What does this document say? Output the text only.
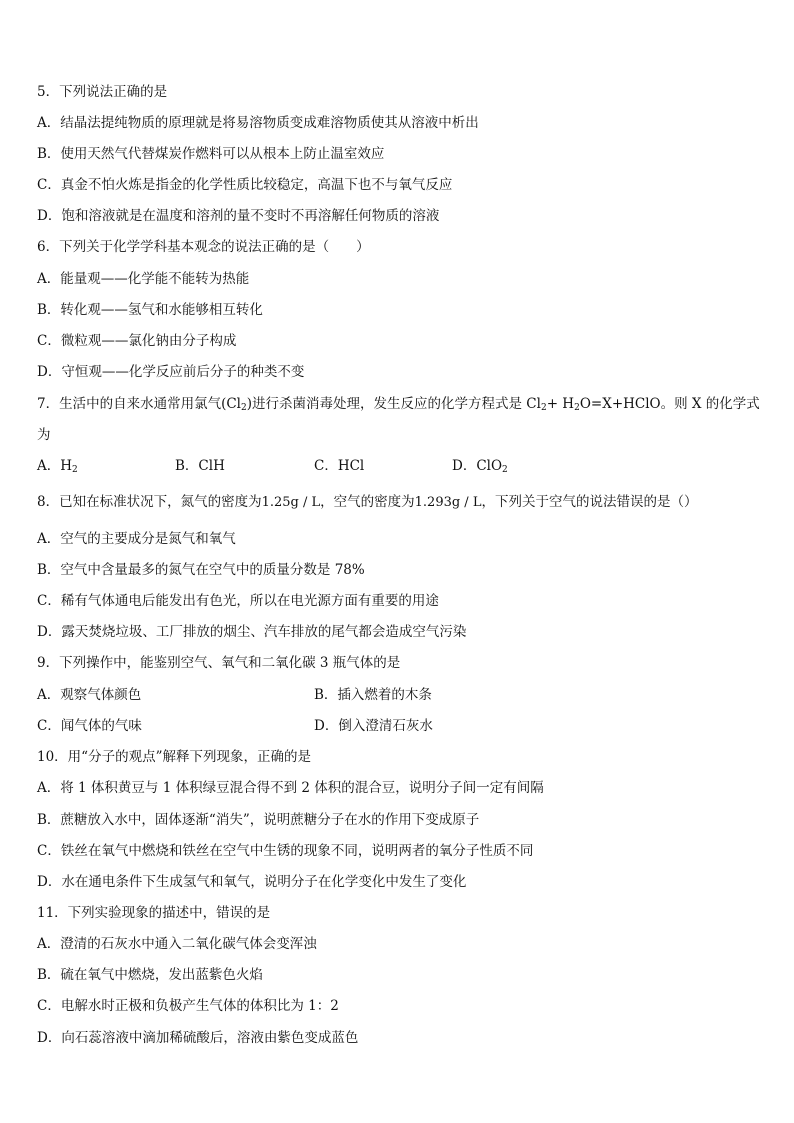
5．下列说法正确的是
A．结晶法提纯物质的原理就是将易溶物质变成难溶物质使其从溶液中析出
B．使用天然气代替煤炭作燃料可以从根本上防止温室效应
C．真金不怕火炼是指金的化学性质比较稳定，高温下也不与氧气反应
D．饱和溶液就是在温度和溶剂的量不变时不再溶解任何物质的溶液
6．下列关于化学学科基本观念的说法正确的是（　　）
A．能量观——化学能不能转为热能
B．转化观——氢气和水能够相互转化
C．微粒观——氯化钠由分子构成
D．守恒观——化学反应前后分子的种类不变
7．生活中的自来水通常用氯气$(Cl_2)$进行杀菌消毒处理，发生反应的化学方程式是 $Cl_2+$ $H_2O=X+HClO$。则 X 的化学式
为
A．$H_2$	B．ClH	C．HCl	D．ClO$_2$
8．已知在标准状况下，氮气的密度为1.25g / L，空气的密度为1.293g / L，下列关于空气的说法错误的是（）
A．空气的主要成分是氮气和氧气
B．空气中含量最多的氮气在空气中的质量分数是 78%
C．稀有气体通电后能发出有色光，所以在电光源方面有重要的用途
D．露天焚烧垃圾、工厂排放的烟尘、汽车排放的尾气都会造成空气污染
9．下列操作中，能鉴别空气、氧气和二氧化碳 3 瓶气体的是
A．观察气体颜色	B．插入燃着的木条
C．闻气体的气味	D．倒入澄清石灰水
10．用“分子的观点”解释下列现象，正确的是
A．将 1 体积黄豆与 1 体积绿豆混合得不到 2 体积的混合豆，说明分子间一定有间隔
B．蔗糖放入水中，固体逐渐“消失”，说明蔗糖分子在水的作用下变成原子
C．铁丝在氧气中燃烧和铁丝在空气中生锈的现象不同，说明两者的氧分子性质不同
D．水在通电条件下生成氢气和氧气，说明分子在化学变化中发生了变化
11．下列实验现象的描述中，错误的是
A．澄清的石灰水中通入二氧化碳气体会变浑浊
B．硫在氧气中燃烧，发出蓝紫色火焰
C．电解水时正极和负极产生气体的体积比为 1：2
D．向石蕊溶液中滴加稀硫酸后，溶液由紫色变成蓝色
